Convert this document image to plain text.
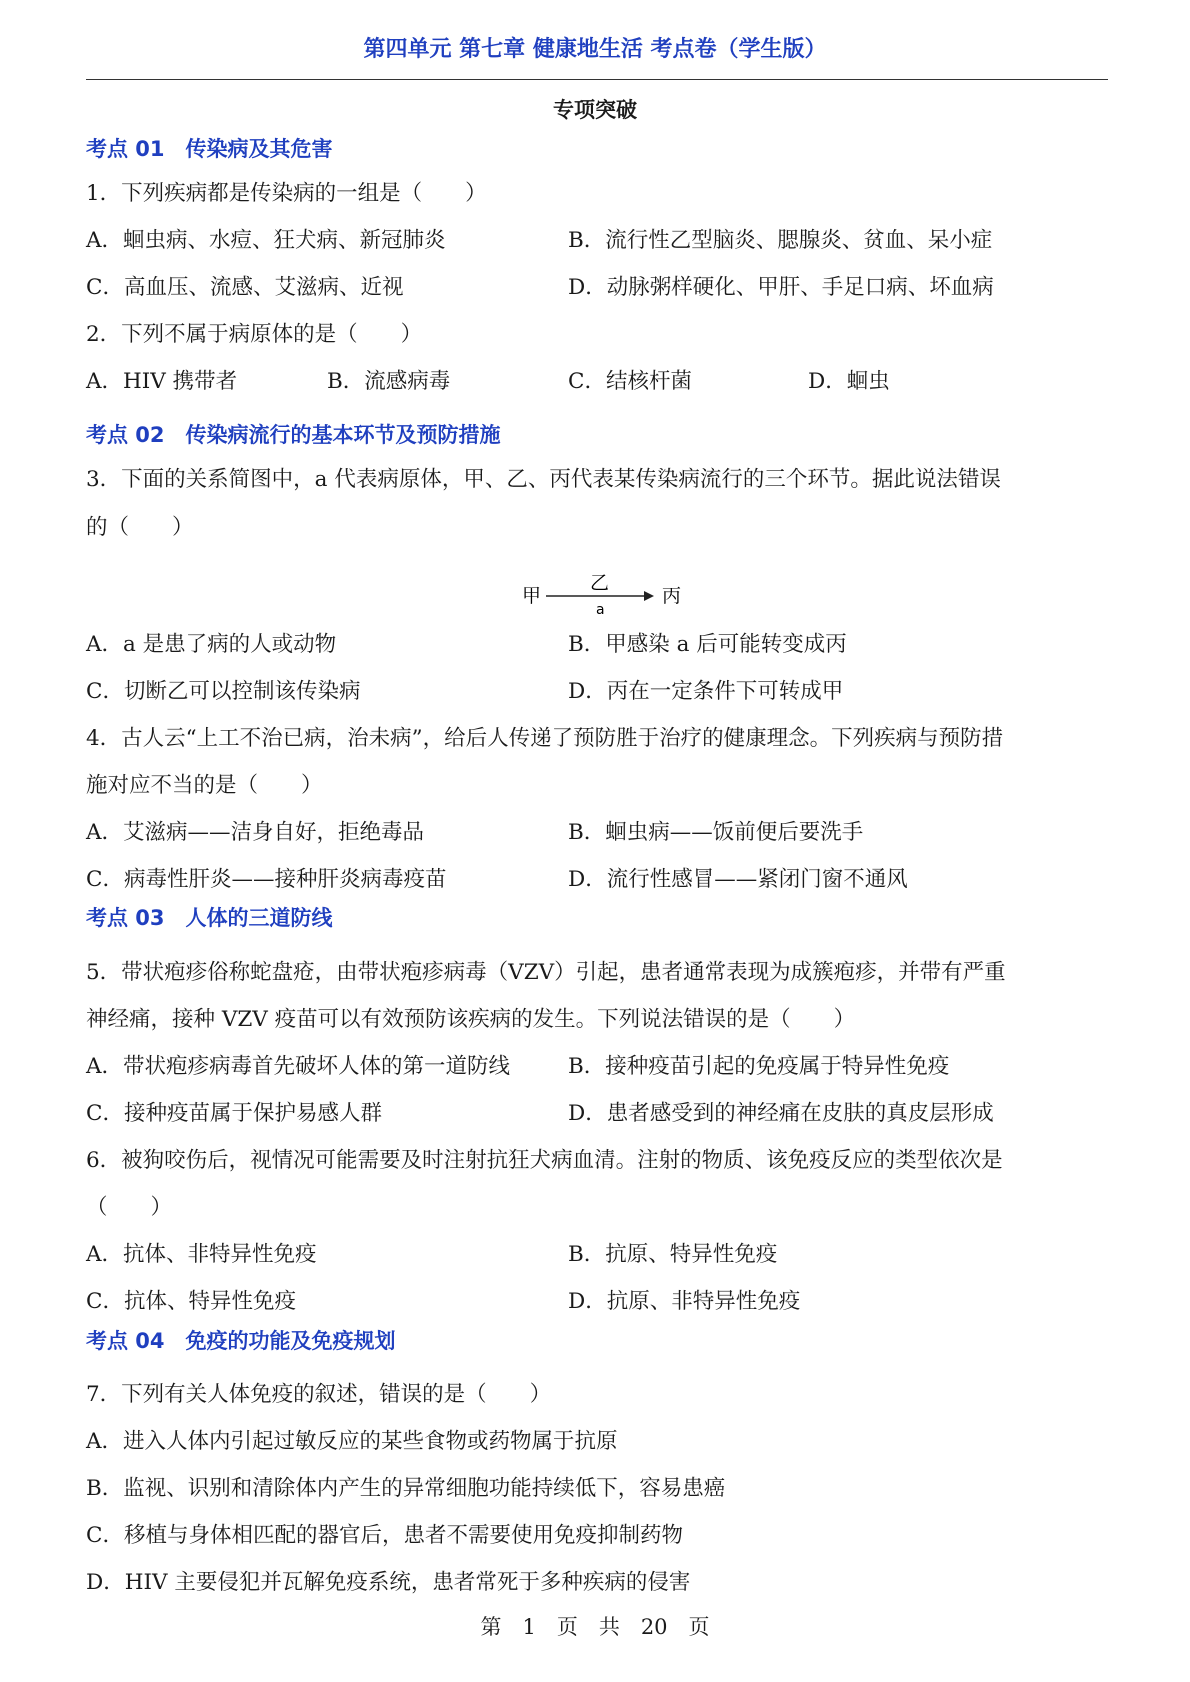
第四单元 第七章 健康地生活 考点卷（学生版）
专项突破
考点 01　传染病及其危害
1．下列疾病都是传染病的一组是（　　）
A．蛔虫病、水痘、狂犬病、新冠肺炎	B．流行性乙型脑炎、腮腺炎、贫血、呆小症
C．高血压、流感、艾滋病、近视	D．动脉粥样硬化、甲肝、手足口病、坏血病
2．下列不属于病原体的是（　　）
A．HIV 携带者	B．流感病毒	C．结核杆菌	D．蛔虫
考点 02　传染病流行的基本环节及预防措施
3．下面的关系简图中，a 代表病原体，甲、乙、丙代表某传染病流行的三个环节。据此说法错误
的（　　）
甲	丙
乙
a
A．a 是患了病的人或动物	B．甲感染 a 后可能转变成丙
C．切断乙可以控制该传染病	D．丙在一定条件下可转成甲
4．古人云“上工不治已病，治未病”，给后人传递了预防胜于治疗的健康理念。下列疾病与预防措
施对应不当的是（　　）
A．艾滋病——洁身自好，拒绝毒品	B．蛔虫病——饭前便后要洗手
C．病毒性肝炎——接种肝炎病毒疫苗	D．流行性感冒——紧闭门窗不通风
考点 03　人体的三道防线
5．带状疱疹俗称蛇盘疮，由带状疱疹病毒（VZV）引起，患者通常表现为成簇疱疹，并带有严重
神经痛，接种 VZV 疫苗可以有效预防该疾病的发生。下列说法错误的是（　　）
A．带状疱疹病毒首先破坏人体的第一道防线	B．接种疫苗引起的免疫属于特异性免疫
C．接种疫苗属于保护易感人群	D．患者感受到的神经痛在皮肤的真皮层形成
6．被狗咬伤后，视情况可能需要及时注射抗狂犬病血清。注射的物质、该免疫反应的类型依次是
（　　）
A．抗体、非特异性免疫	B．抗原、特异性免疫
C．抗体、特异性免疫	D．抗原、非特异性免疫
考点 04　免疫的功能及免疫规划
7．下列有关人体免疫的叙述，错误的是（　　）
A．进入人体内引起过敏反应的某些食物或药物属于抗原
B．监视、识别和清除体内产生的异常细胞功能持续低下，容易患癌
C．移植与身体相匹配的器官后，患者不需要使用免疫抑制药物
D．HIV 主要侵犯并瓦解免疫系统，患者常死于多种疾病的侵害
第　1　页　共　20　页
